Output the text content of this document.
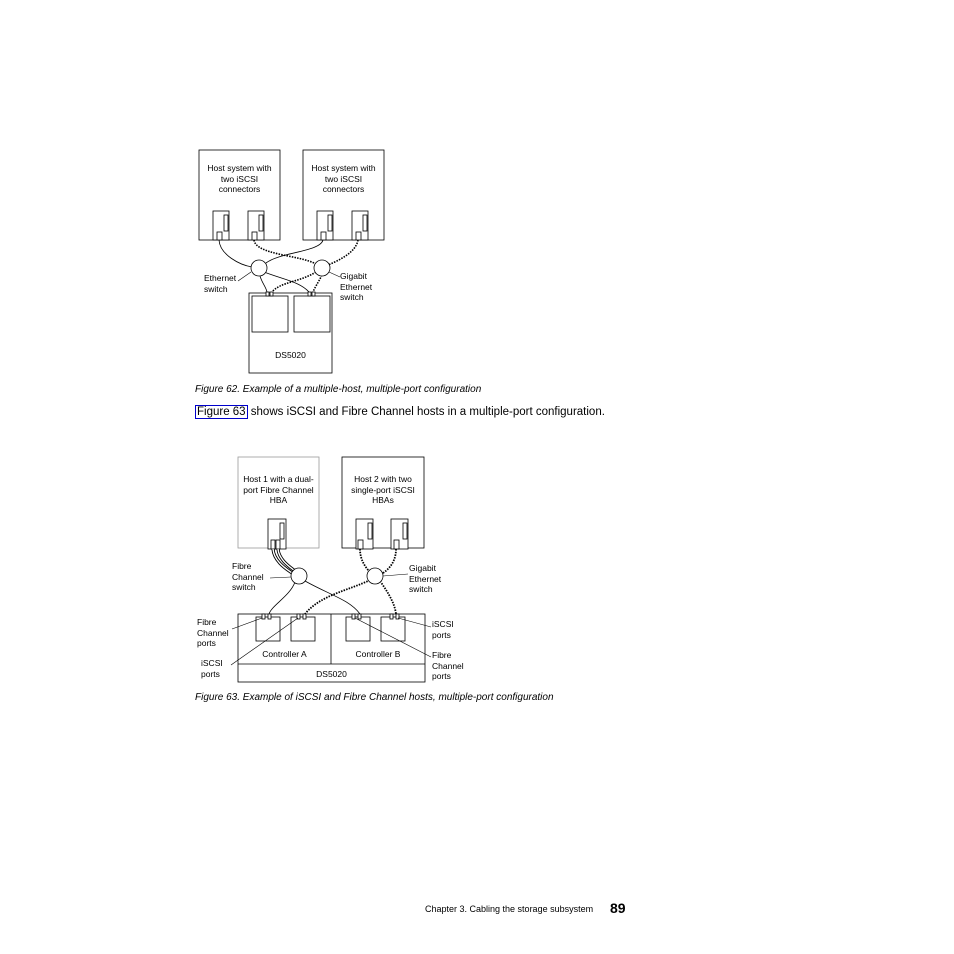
Host system with two iSCSI connectors
Host system with two iSCSI connectors
Ethernet switch
Gigabit Ethernet switch
DS5020
Figure 62. Example of a multiple-host, multiple-port configuration
Figure 63 shows iSCSI and Fibre Channel hosts in a multiple-port configuration.
Host 1 with a dual-port Fibre Channel HBA
Host 2 with two single-port iSCSI HBAs
Fibre Channel switch
Gigabit Ethernet switch
Fibre Channel ports
iSCSI ports
iSCSI ports
Fibre Channel ports
Controller A	Controller B
DS5020
Figure 63. Example of iSCSI and Fibre Channel hosts, multiple-port configuration
Chapter 3. Cabling the storage subsystem 89
